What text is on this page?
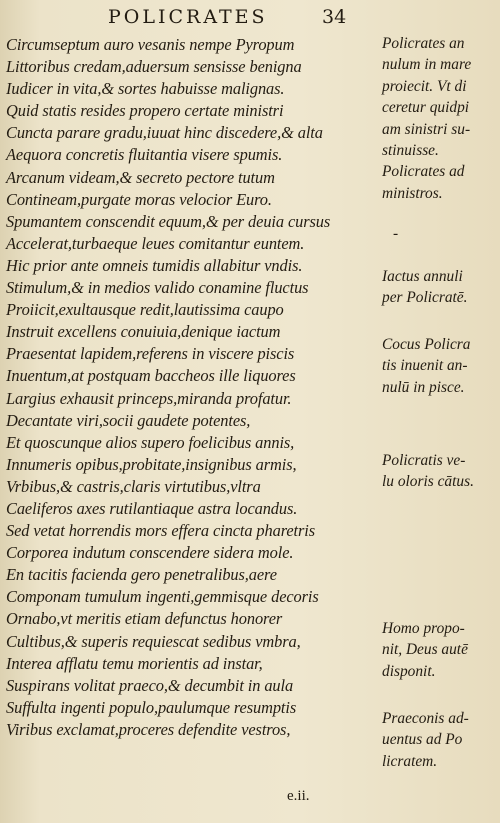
POLICRATES	34
Circumseptum auro vesanis nempe Pyropum
Littoribus credam,aduersum sensisse benigna
Iudicer in vita,& sortes habuisse malignas.
Quid statis resides propero certate ministri
Cuncta parare gradu,iuuat hinc discedere,& alta
Aequora concretis fluitantia visere spumis.
Arcanum videam,& secreto pectore tutum
Contineam,purgate moras velocior Euro.
Spumantem conscendit equum,& per deuia cursus
Accelerat,turbaeque leues comitantur euntem.
Hic prior ante omneis tumidis allabitur vndis.
Stimulum,& in medios valido conamine fluctus
Proiicit,exultausque redit,lautissima caupo
Instruit excellens conuiuia,denique iactum
Praesentat lapidem,referens in viscere piscis
Inuentum,at postquam baccheos ille liquores
Largius exhausit princeps,miranda profatur.
Decantate viri,socii gaudete potentes,
Et quoscunque alios supero foelicibus annis,
Innumeris opibus,probitate,insignibus armis,
Vrbibus,& castris,claris virtutibus,vltra
Caeliferos axes rutilantiaque astra locandus.
Sed vetat horrendis mors effera cincta pharetris
Corporea indutum conscendere sidera mole.
En tacitis facienda gero penetralibus,aere
Componam tumulum ingenti,gemmisque decoris
Ornabo,vt meritis etiam defunctus honorer
Cultibus,& superis requiescat sedibus vmbra,
Interea afflatu temu morientis ad instar,
Suspirans volitat praeco,& decumbit in aula
Suffulta ingenti populo,paulumque resumptis
Viribus exclamat,proceres defendite vestros,
Policrates an
nulum in mare
proiecit. Vt di
ceretur quidpi
am sinistri su-
stinuisse.
Policrates ad
ministros.
-
Iactus annuli
per Policratē.
Cocus Policra
tis inuenit an-
nulū in pisce.
Policratis ve-
lu oloris cātus.
Homo propo-
nit, Deus autē
disponit.
Praeconis ad-
uentus ad Po
licratem.
e.ii.
